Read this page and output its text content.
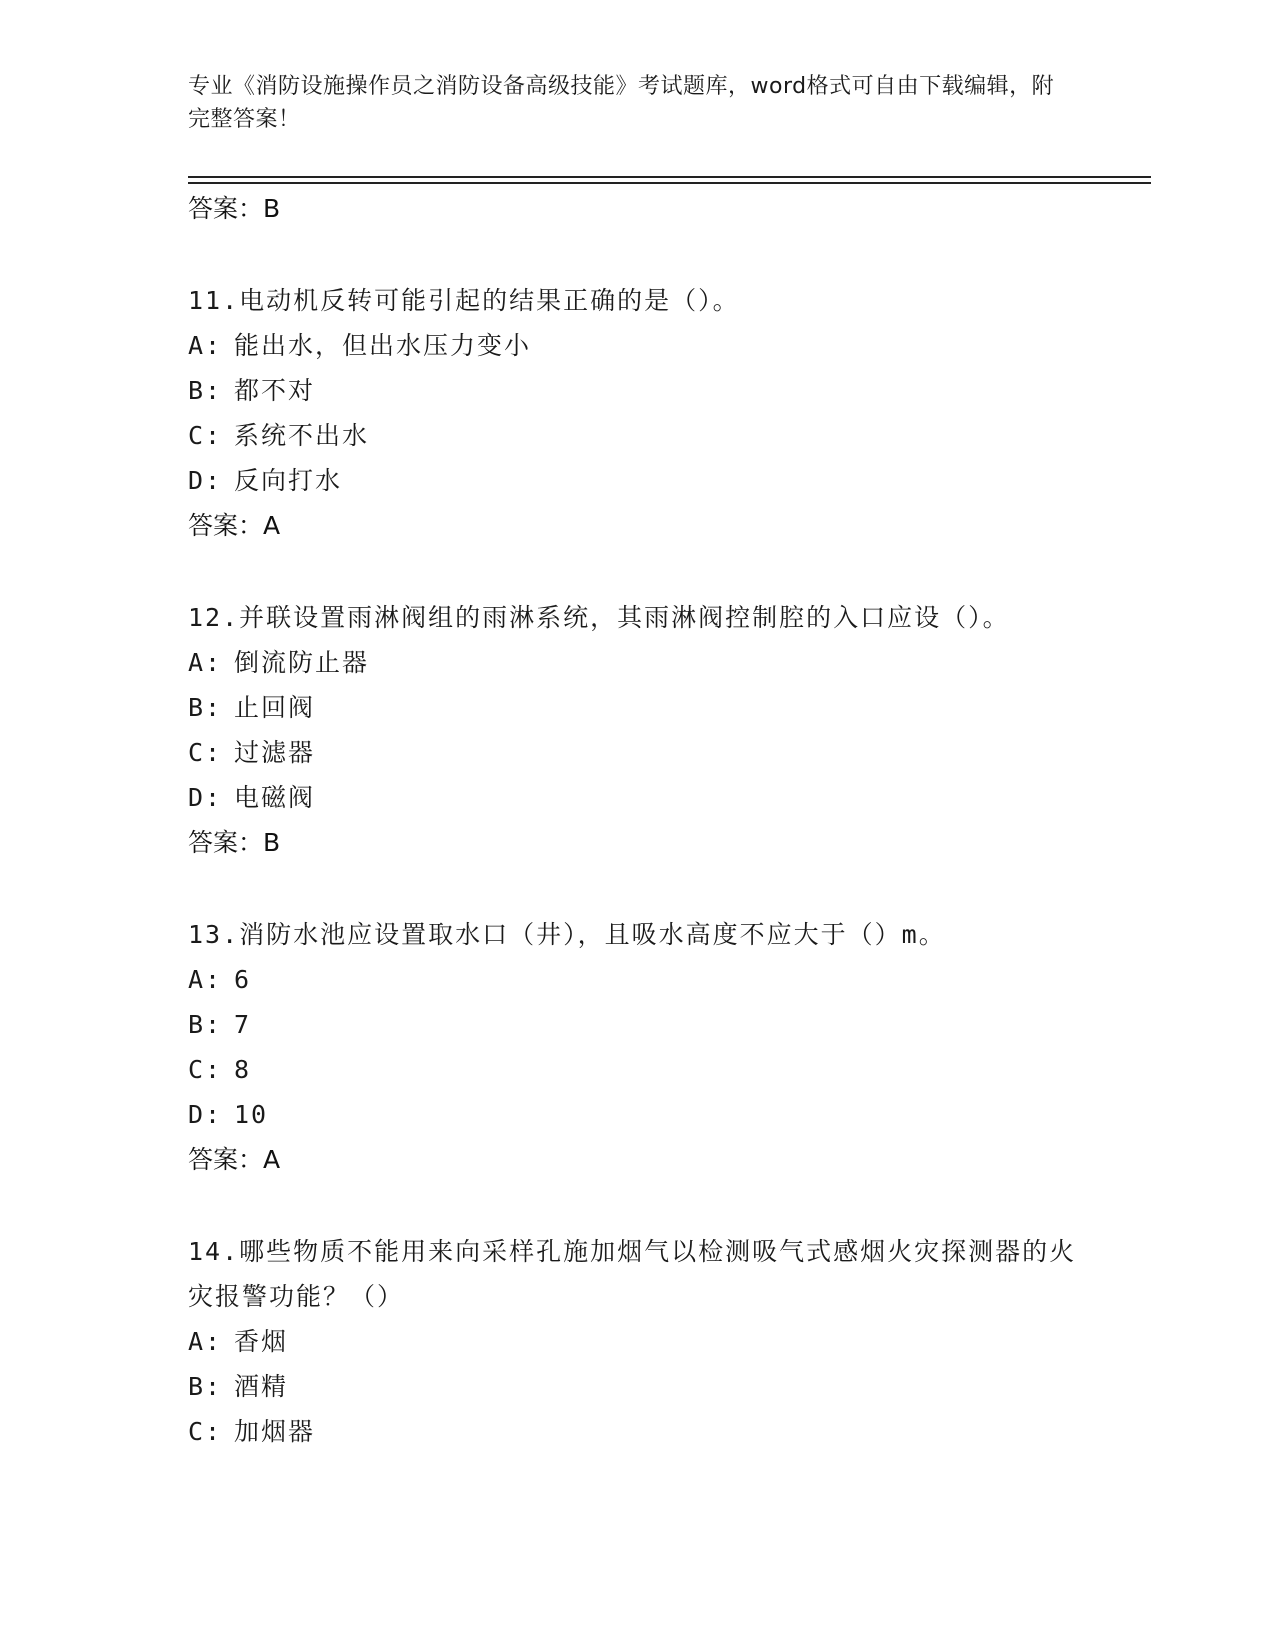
专业《消防设施操作员之消防设备高级技能》考试题库，word格式可自由下载编辑，附完整答案！
答案：B
11.电动机反转可能引起的结果正确的是（）。
A: 能出水，但出水压力变小
B: 都不对
C: 系统不出水
D: 反向打水
答案：A
12.并联设置雨淋阀组的雨淋系统，其雨淋阀控制腔的入口应设（）。
A: 倒流防止器
B: 止回阀
C: 过滤器
D: 电磁阀
答案：B
13.消防水池应设置取水口（井），且吸水高度不应大于（）m。
A: 6
B: 7
C: 8
D: 10
答案：A
14.哪些物质不能用来向采样孔施加烟气以检测吸气式感烟火灾探测器的火灾报警功能？（）
A: 香烟
B: 酒精
C: 加烟器
